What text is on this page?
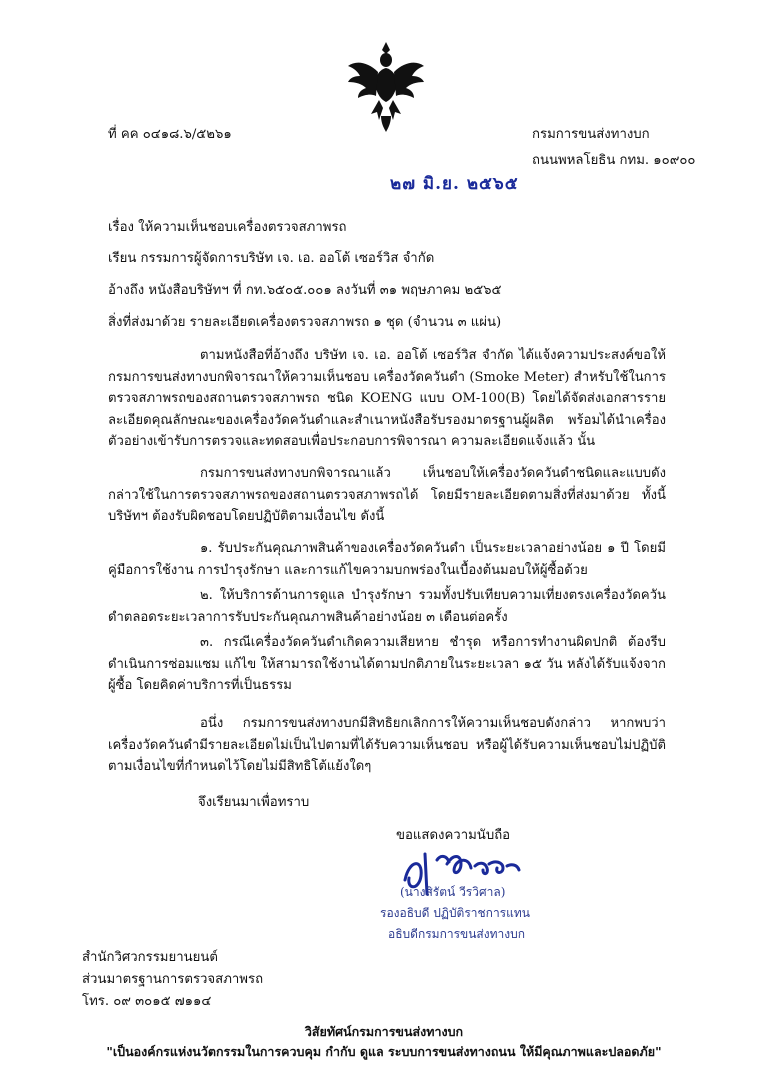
ที่ คค ๐๔๑๘.๖/๕๒๖๑	กรมการขนส่งทางบก
ถนนพหลโยธิน กทม. ๑๐๙๐๐
๒๗ มิ.ย. ๒๕๖๕
เรื่อง ให้ความเห็นชอบเครื่องตรวจสภาพรถ
เรียน กรรมการผู้จัดการบริษัท เจ. เอ. ออโต้ เซอร์วิส จำกัด
อ้างถึง หนังสือบริษัทฯ ที่ กท.๖๕๐๕.๐๐๑ ลงวันที่ ๓๑ พฤษภาคม ๒๕๖๕
สิ่งที่ส่งมาด้วย รายละเอียดเครื่องตรวจสภาพรถ ๑ ชุด (จำนวน ๓ แผ่น)

ตามหนังสือที่อ้างถึง บริษัท เจ. เอ. ออโต้ เซอร์วิส จำกัด ได้แจ้งความประสงค์ขอให้กรมการขนส่งทางบกพิจารณาให้ความเห็นชอบ เครื่องวัดควันดำ (Smoke Meter) สำหรับใช้ในการตรวจสภาพรถของสถานตรวจสภาพรถ ชนิด KOENG แบบ OM-100(B) โดยได้จัดส่งเอกสารรายละเอียดคุณลักษณะของเครื่องวัดควันดำและสำเนาหนังสือรับรองมาตรฐานผู้ผลิต พร้อมได้นำเครื่องตัวอย่างเข้ารับการตรวจและทดสอบเพื่อประกอบการพิจารณา ความละเอียดแจ้งแล้ว นั้น

กรมการขนส่งทางบกพิจารณาแล้ว เห็นชอบให้เครื่องวัดควันดำชนิดและแบบดังกล่าวใช้ในการตรวจสภาพรถของสถานตรวจสภาพรถได้ โดยมีรายละเอียดตามสิ่งที่ส่งมาด้วย ทั้งนี้ บริษัทฯ ต้องรับผิดชอบโดยปฏิบัติตามเงื่อนไข ดังนี้

๑. รับประกันคุณภาพสินค้าของเครื่องวัดควันดำ เป็นระยะเวลาอย่างน้อย ๑ ปี โดยมีคู่มือการใช้งาน การบำรุงรักษา และการแก้ไขความบกพร่องในเบื้องต้นมอบให้ผู้ซื้อด้วย

๒. ให้บริการด้านการดูแล บำรุงรักษา รวมทั้งปรับเทียบความเที่ยงตรงเครื่องวัดควันดำตลอดระยะเวลาการรับประกันคุณภาพสินค้าอย่างน้อย ๓ เดือนต่อครั้ง

๓. กรณีเครื่องวัดควันดำเกิดความเสียหาย ชำรุด หรือการทำงานผิดปกติ ต้องรีบดำเนินการซ่อมแซม แก้ไข ให้สามารถใช้งานได้ตามปกติภายในระยะเวลา ๑๕ วัน หลังได้รับแจ้งจากผู้ซื้อ โดยคิดค่าบริการที่เป็นธรรม

อนึ่ง กรมการขนส่งทางบกมีสิทธิยกเลิกการให้ความเห็นชอบดังกล่าว หากพบว่าเครื่องวัดควันดำมีรายละเอียดไม่เป็นไปตามที่ได้รับความเห็นชอบ หรือผู้ได้รับความเห็นชอบไม่ปฏิบัติตามเงื่อนไขที่กำหนดไว้โดยไม่มีสิทธิโต้แย้งใดๆ

จึงเรียนมาเพื่อทราบ
ขอแสดงความนับถือ
(นางสิรัตน์ วีรวิศาล)
รองอธิบดี ปฏิบัติราชการแทน
อธิบดีกรมการขนส่งทางบก
สำนักวิศวกรรมยานยนต์
ส่วนมาตรฐานการตรวจสภาพรถ
โทร. ๐๙ ๓๐๑๕ ๗๑๑๔
วิสัยทัศน์กรมการขนส่งทางบก
"เป็นองค์กรแห่งนวัตกรรมในการควบคุม กำกับ ดูแล ระบบการขนส่งทางถนน ให้มีคุณภาพและปลอดภัย"
